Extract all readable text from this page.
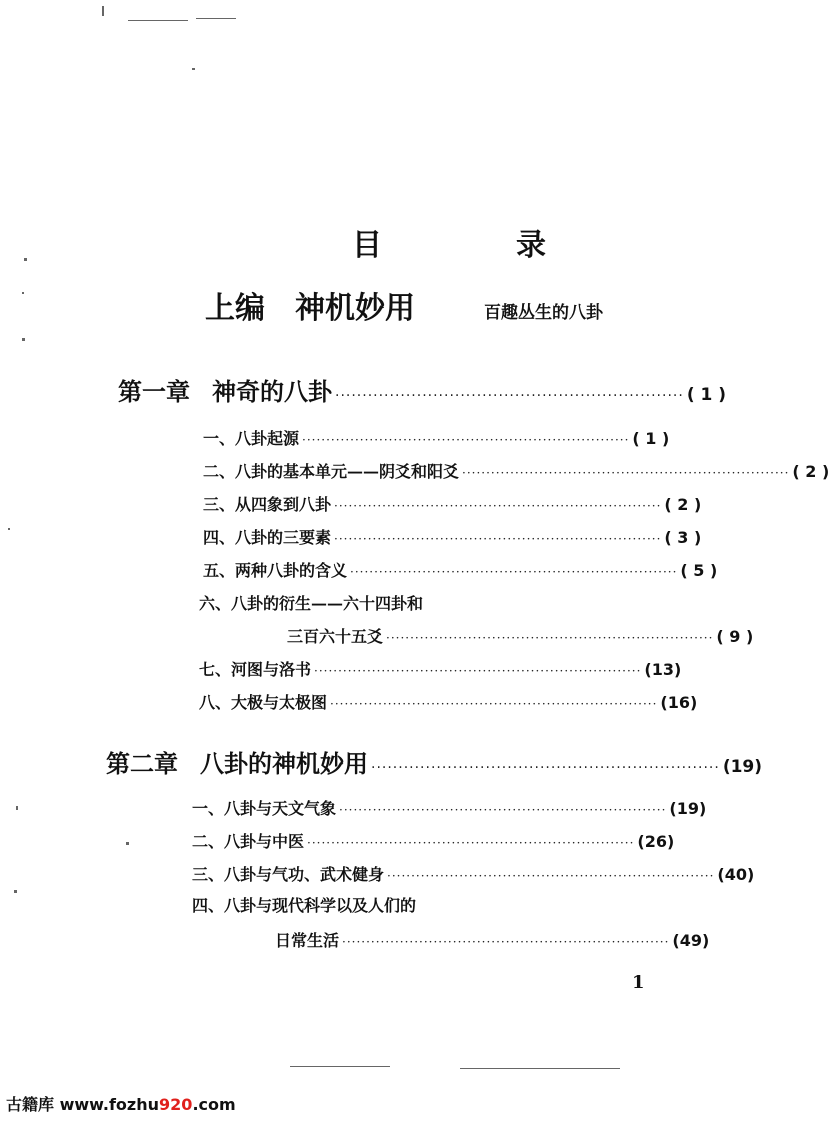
目　录
上编 神机妙用	百趣丛生的八卦
第一章 神奇的八卦 ································································ ( 1 )
一、八卦起源 ···································································· ( 1 )
二、八卦的基本单元——阴爻和阳爻 ···································································· ( 2 )
三、从四象到八卦 ···································································· ( 2 )
四、八卦的三要素 ···································································· ( 3 )
五、两种八卦的含义 ···································································· ( 5 )
六、八卦的衍生——六十四卦和
三百六十五爻 ···································································· ( 9 )
七、河图与洛书 ···································································· (13)
八、大极与太极图 ···································································· (16)
第二章 八卦的神机妙用 ································································ (19)
一、八卦与天文气象 ···································································· (19)
二、八卦与中医 ···································································· (26)
三、八卦与气功、武术健身 ···································································· (40)
四、八卦与现代科学以及人们的
日常生活 ···································································· (49)
1
古籍库 www.fozhu920.com
